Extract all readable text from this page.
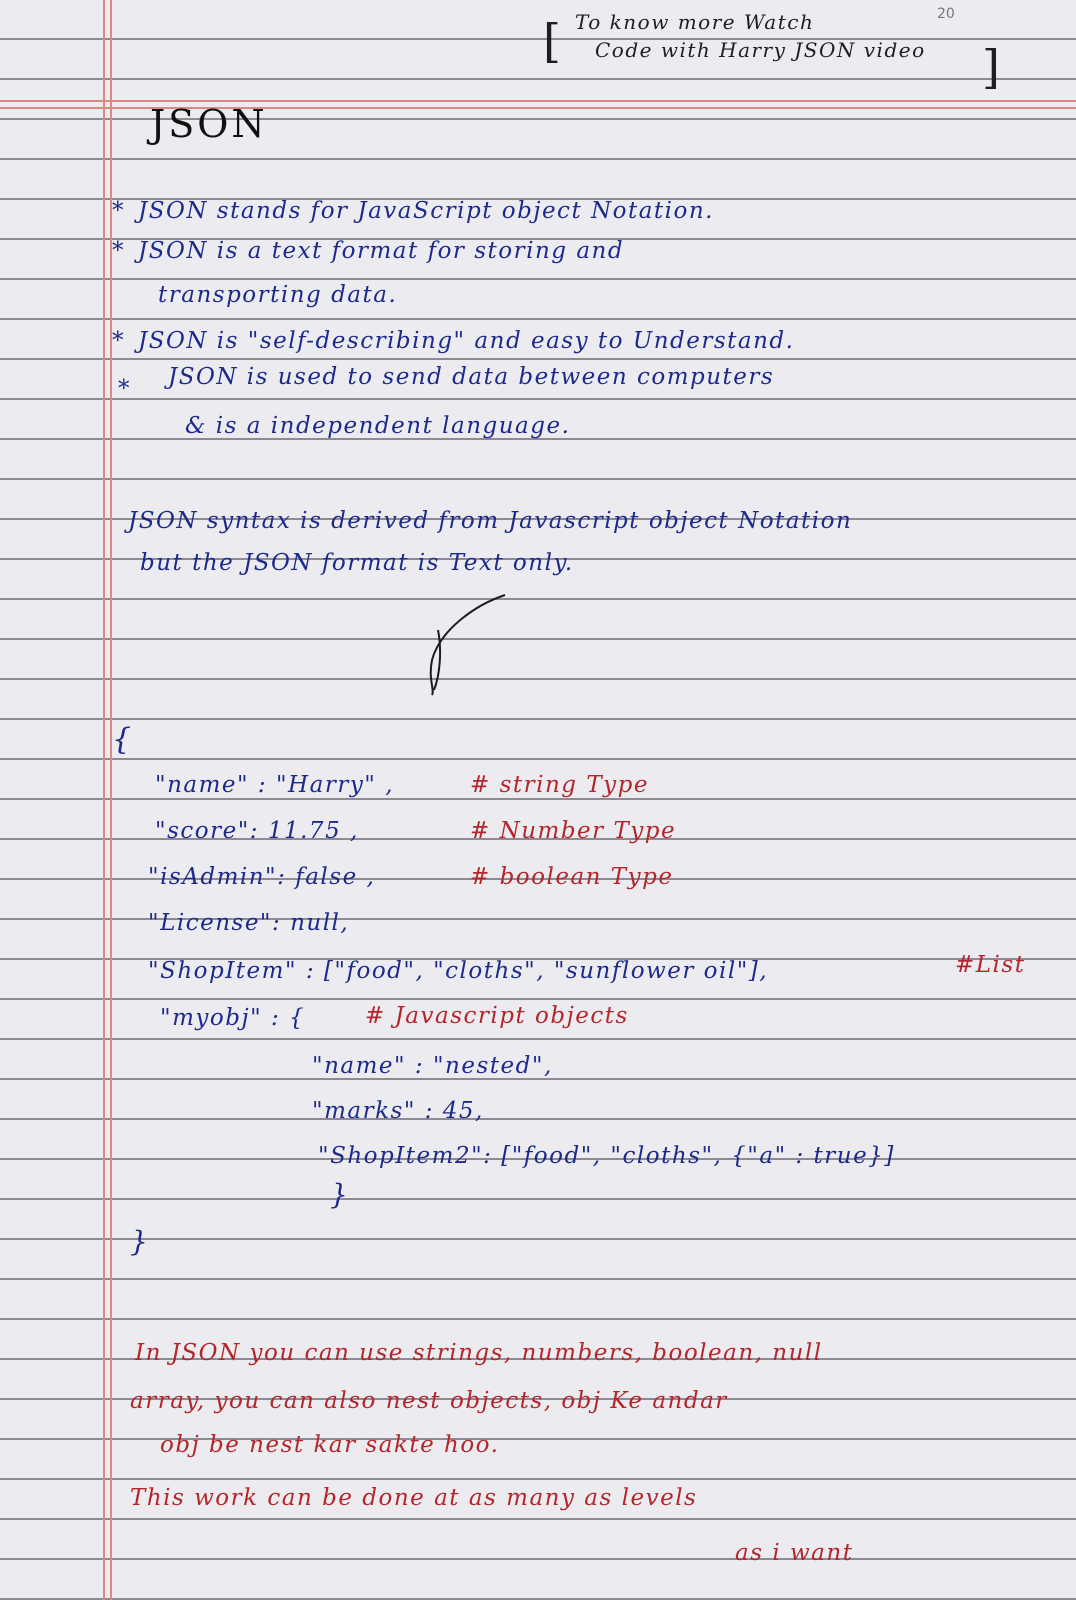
20
[ To know more Watch
Code with Harry JSON video ]
JSON
* JSON stands for JavaScript object Notation.
* JSON is a text format for storing and
transporting data.
* JSON is "self-describing" and easy to Understand.
* JSON is used to send data between computers
& is a independent language.
JSON syntax is derived from Javascript object Notation
but the JSON format is Text only.
{
"name" : "Harry" ,	# string Type
"score": 11.75 ,	# Number Type
"isAdmin": false ,	# boolean Type
"License": null,
"ShopItem" : ["food", "cloths", "sunflower oil"],	#List
"myobj" : {	# Javascript objects
"name" : "nested",
"marks" : 45,
"ShopItem2": ["food", "cloths", {"a" : true}]
}
}
In JSON you can use strings, numbers, boolean, null
array, you can also nest objects, obj Ke andar
obj be nest kar sakte hoo.
This work can be done at as many as levels
as i want
